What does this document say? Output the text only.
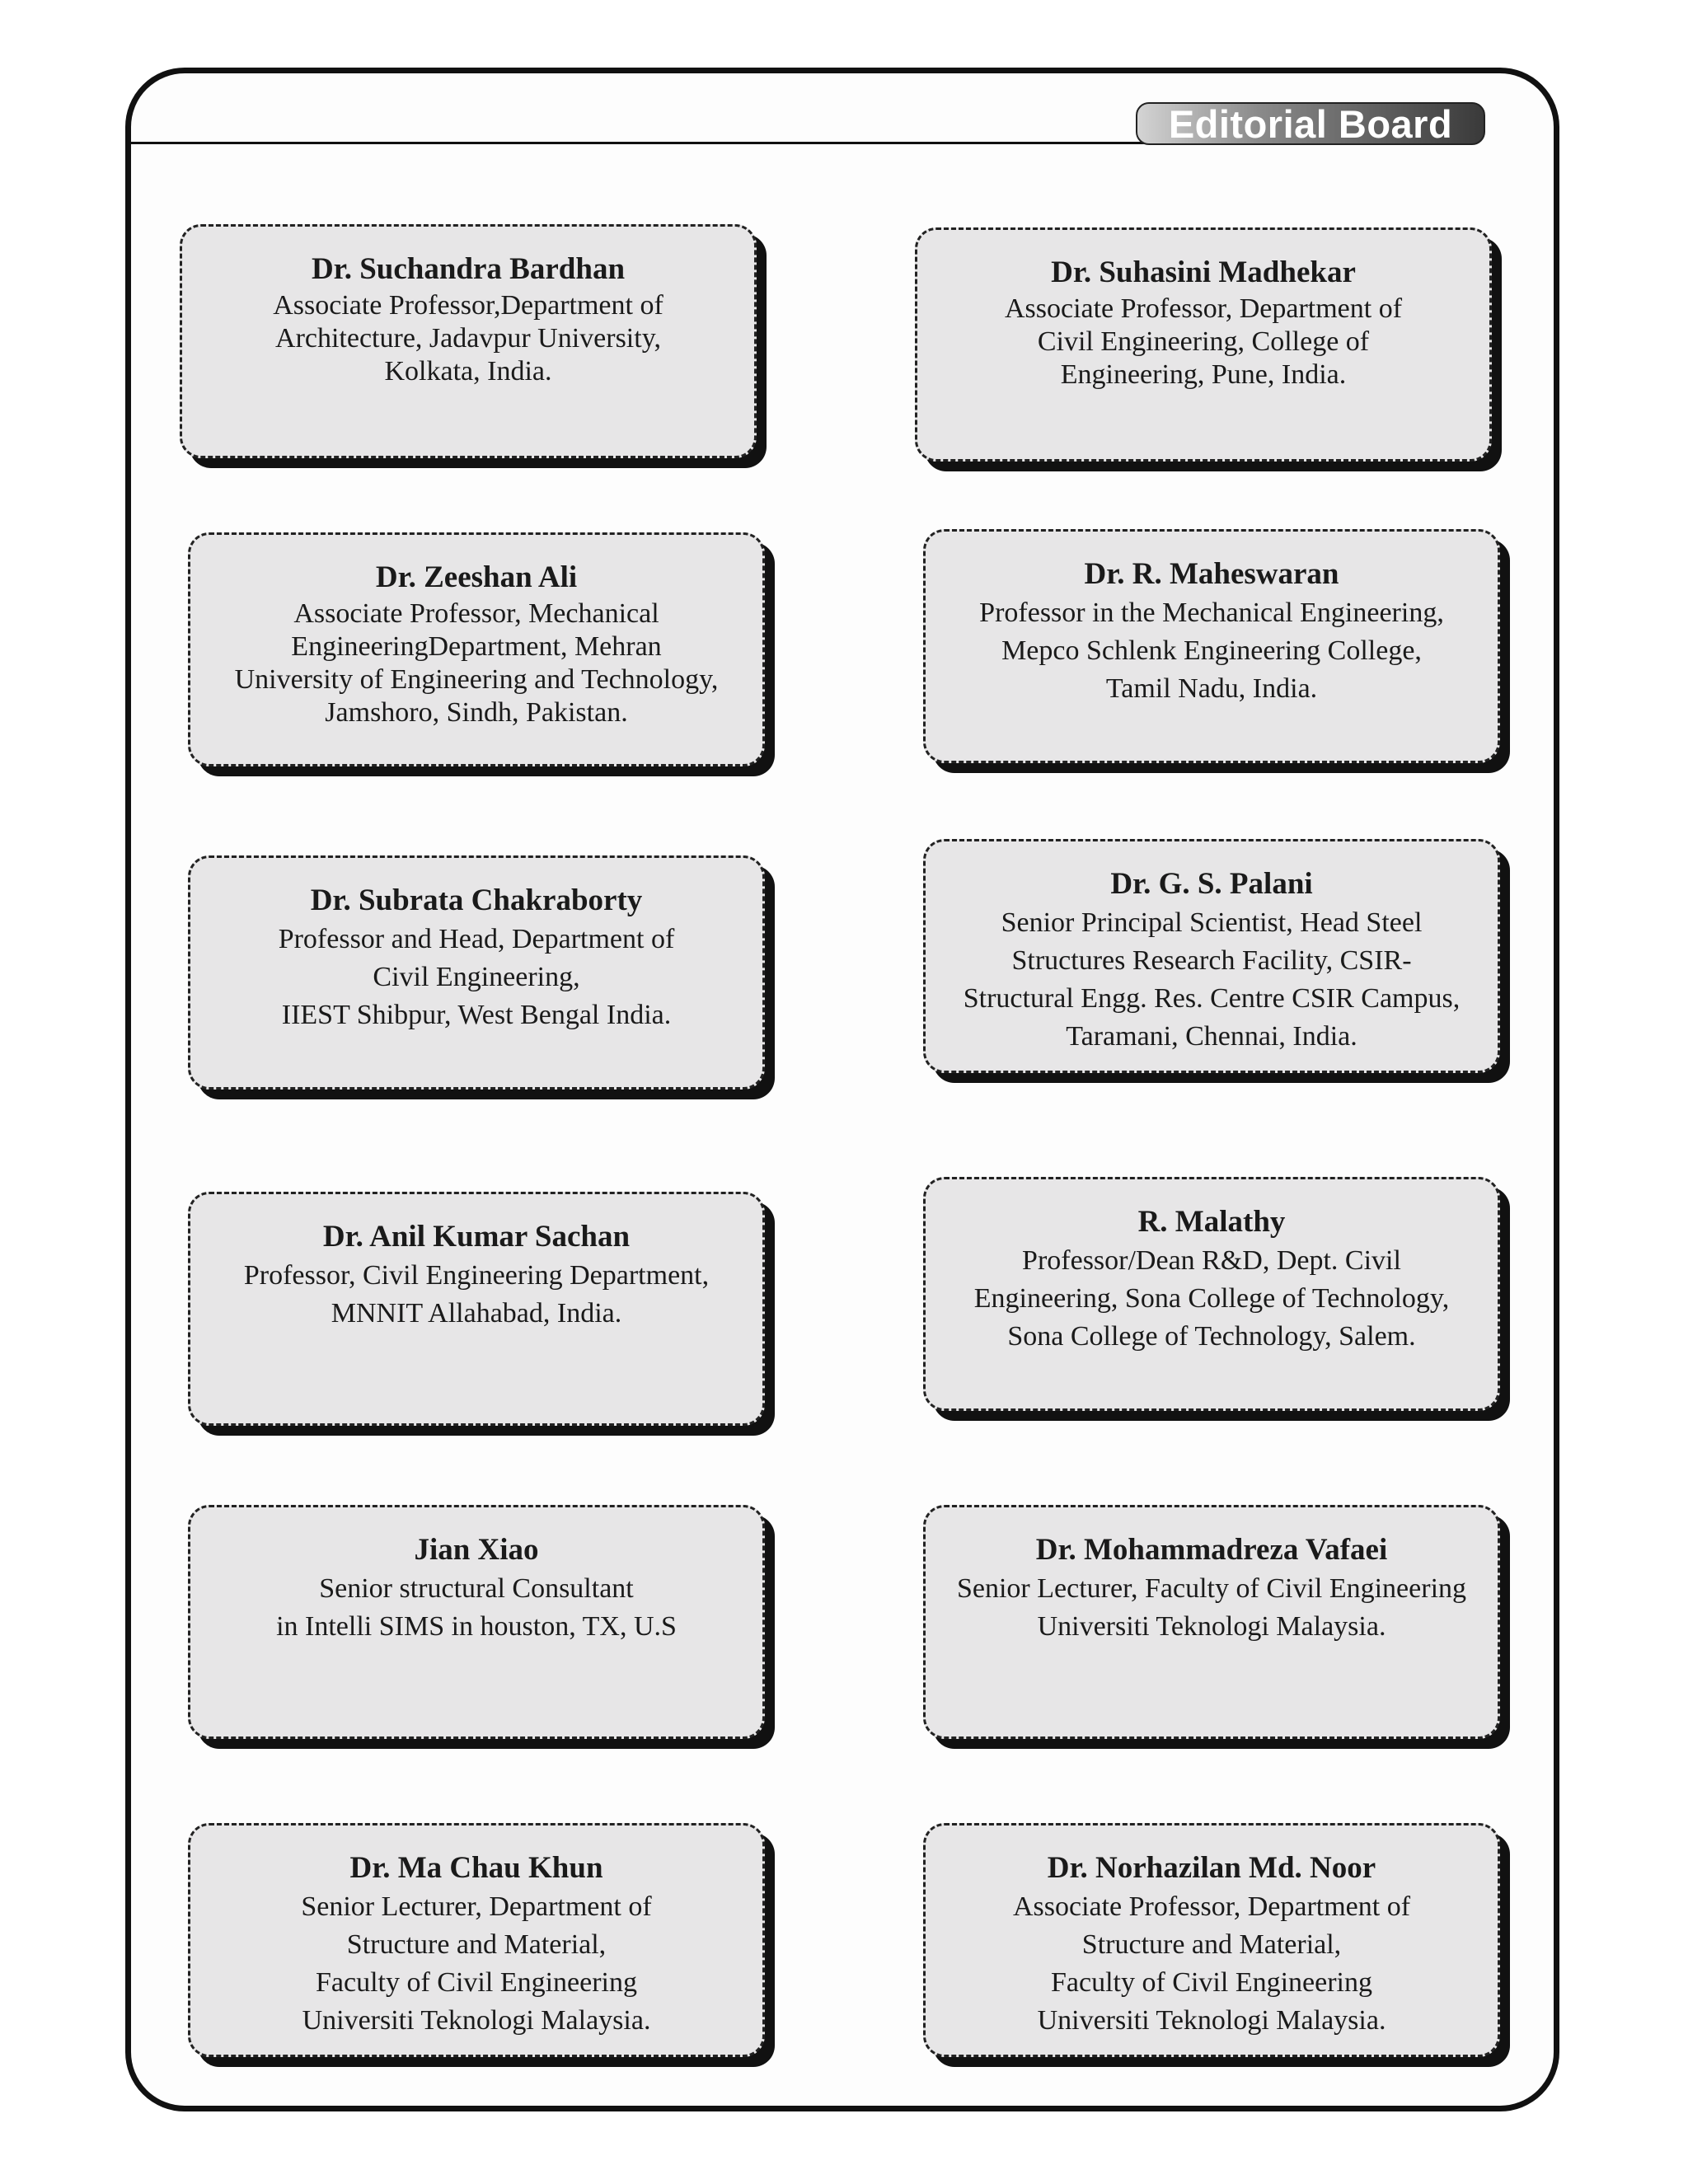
Editorial Board

Dr. Suchandra Bardhan

Associate Professor,Department of

Architecture, Jadavpur University,

Kolkata, India.

Dr. Suhasini Madhekar

Associate Professor, Department of

Civil Engineering, College of

Engineering, Pune, India.

Dr. Zeeshan Ali

Associate Professor, Mechanical

EngineeringDepartment, Mehran

University of Engineering and Technology,

Jamshoro, Sindh, Pakistan.

Dr. R. Maheswaran

Professor in the Mechanical Engineering,

Mepco Schlenk Engineering College,

Tamil Nadu, India.

Dr. Subrata Chakraborty

Professor and Head, Department of

Civil Engineering,

IIEST Shibpur, West Bengal India.

Dr. G. S. Palani

Senior Principal Scientist, Head Steel

Structures Research Facility, CSIR-

Structural Engg. Res. Centre CSIR Campus,

Taramani, Chennai, India.

Dr. Anil Kumar Sachan

Professor, Civil Engineering Department,

MNNIT Allahabad, India.

R. Malathy

Professor/Dean R&D, Dept. Civil

Engineering, Sona College of Technology,

Sona College of Technology, Salem.

Jian Xiao

Senior structural Consultant

in Intelli SIMS in houston, TX, U.S

Dr. Mohammadreza Vafaei

Senior Lecturer, Faculty of Civil Engineering

Universiti Teknologi Malaysia.

Dr. Ma Chau Khun

Senior Lecturer, Department of

Structure and Material,

Faculty of Civil Engineering

Universiti Teknologi Malaysia.

Dr. Norhazilan Md. Noor

Associate Professor, Department of

Structure and Material,

Faculty of Civil Engineering

Universiti Teknologi Malaysia.
